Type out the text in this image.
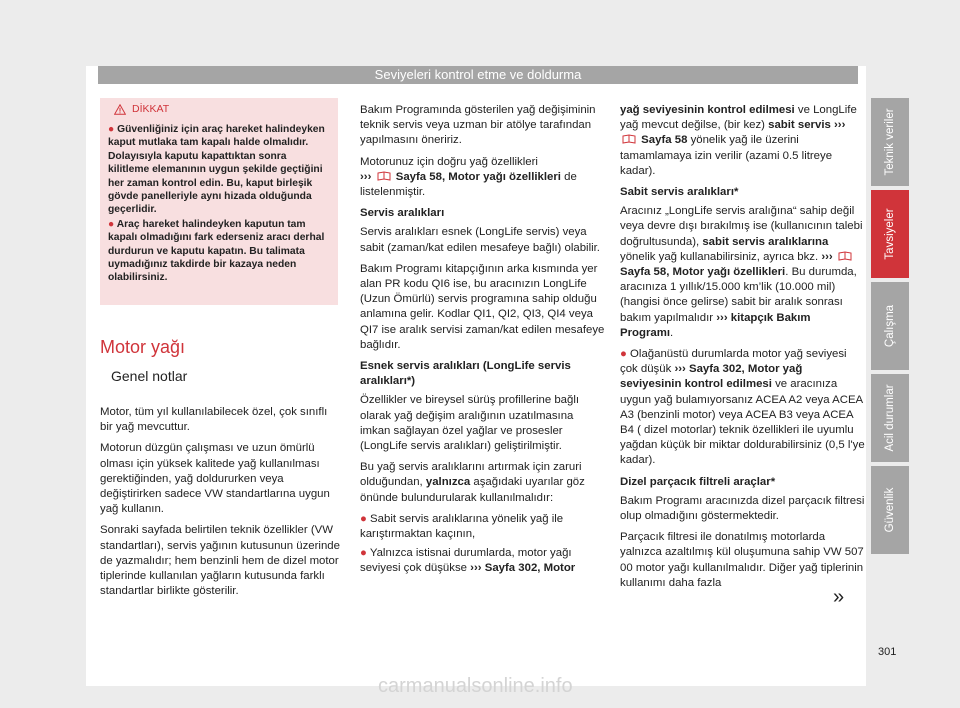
Seviyeleri kontrol etme ve doldurma
DİKKAT

● Güvenliğiniz için araç hareket halindeyken kaput mutlaka tam kapalı halde olmalıdır. Dolayısıyla kaputu kapattıktan sonra kilitleme elemanının uygun şekilde geçtiğini her zaman kontrol edin. Bu, kaput birleşik gövde panelleriyle aynı hizada olduğunda geçerlidir.

● Araç hareket halindeyken kaputun tam kapalı olmadığını fark ederseniz aracı derhal durdurun ve kaputu kapatın. Bu talimata uymadığınız takdirde bir kazaya neden olabilirsiniz.

Motor yağı
Genel notlar

Motor, tüm yıl kullanılabilecek özel, çok sınıflı bir yağ mevcuttur.

Motorun düzgün çalışması ve uzun ömürlü olması için yüksek kalitede yağ kullanılması gerektiğinden, yağ doldururken veya değiştirirken sadece VW standartlarına uygun yağ kullanın.

Sonraki sayfada belirtilen teknik özellikler (VW standartları), servis yağının kutusunun üzerinde de yazmalıdır; hem benzinli hem de dizel motor tiplerinde kullanılan yağların kutusunda farklı standartlar birlikte gösterilir.

Bakım Programında gösterilen yağ değişiminin teknik servis veya uzman bir atölye tarafından yapılmasını öneririz.

Motorunuz için doğru yağ özellikleri
››› Sayfa 58, Motor yağı özellikleri de listelenmiştir.

Servis aralıkları

Servis aralıkları esnek (LongLife servis) veya sabit (zaman/kat edilen mesafeye bağlı) olabilir.

Bakım Programı kitapçığının arka kısmında yer alan PR kodu QI6 ise, bu aracınızın LongLife (Uzun Ömürlü) servis programına sahip olduğu anlamına gelir. Kodlar QI1, QI2, QI3, QI4 veya QI7 ise aralık servisi zaman/kat edilen mesafeye bağlıdır.

Esnek servis aralıkları (LongLife servis aralıkları*)

Özellikler ve bireysel sürüş profillerine bağlı olarak yağ değişim aralığının uzatılmasına imkan sağlayan özel yağlar ve prosesler (LongLife servis aralıkları) geliştirilmiştir.

Bu yağ servis aralıklarını artırmak için zaruri olduğundan, yalnızca aşağıdaki uyarılar göz önünde bulundurularak kullanılmalıdır:

● Sabit servis aralıklarına yönelik yağ ile karıştırmaktan kaçının,

● Yalnızca istisnai durumlarda, motor yağı seviyesi çok düşükse ››› Sayfa 302, Motor

yağ seviyesinin kontrol edilmesi ve LongLife yağ mevcut değilse, (bir kez) sabit servis ›››  Sayfa 58 yönelik yağ ile üzerini tamamlamaya izin verilir (azami 0.5 litreye kadar).

Sabit servis aralıkları*

Aracınız „LongLife servis aralığına“ sahip değil veya devre dışı bırakılmış ise (kullanıcının talebi doğrultusunda), sabit servis aralıklarına yönelik yağ kullanabilirsiniz, ayrıca bkz. ›››  Sayfa 58, Motor yağı özellikleri. Bu durumda, aracınıza 1 yıllık/15.000 km’lik (10.000 mil) (hangisi önce gelirse) sabit bir aralık sonrası bakım yapılmalıdır ››› kitapçık Bakım Programı.

● Olağanüstü durumlarda motor yağ seviyesi çok düşük ››› Sayfa 302, Motor yağ seviyesinin kontrol edilmesi ve aracınıza uygun yağ bulamıyorsanız ACEA A2 veya ACEA A3 (benzinli motor) veya ACEA B3 veya ACEA B4 ( dizel motorlar) teknik özellikleri ile uyumlu yağdan küçük bir miktar doldurabilirsiniz (0,5 l'ye kadar).

Dizel parçacık filtreli araçlar*

Bakım Programı aracınızda dizel parçacık filtresi olup olmadığını göstermektedir.

Parçacık filtresi ile donatılmış motorlarda yalnızca azaltılmış kül oluşumuna sahip VW 507 00 motor yağı kullanılmalıdır. Diğer yağ tiplerinin kullanımı daha fazla

»
Teknik veriler
Tavsiyeler
Çalışma
Acil durumlar
Güvenlik
301
carmanualsonline.info
